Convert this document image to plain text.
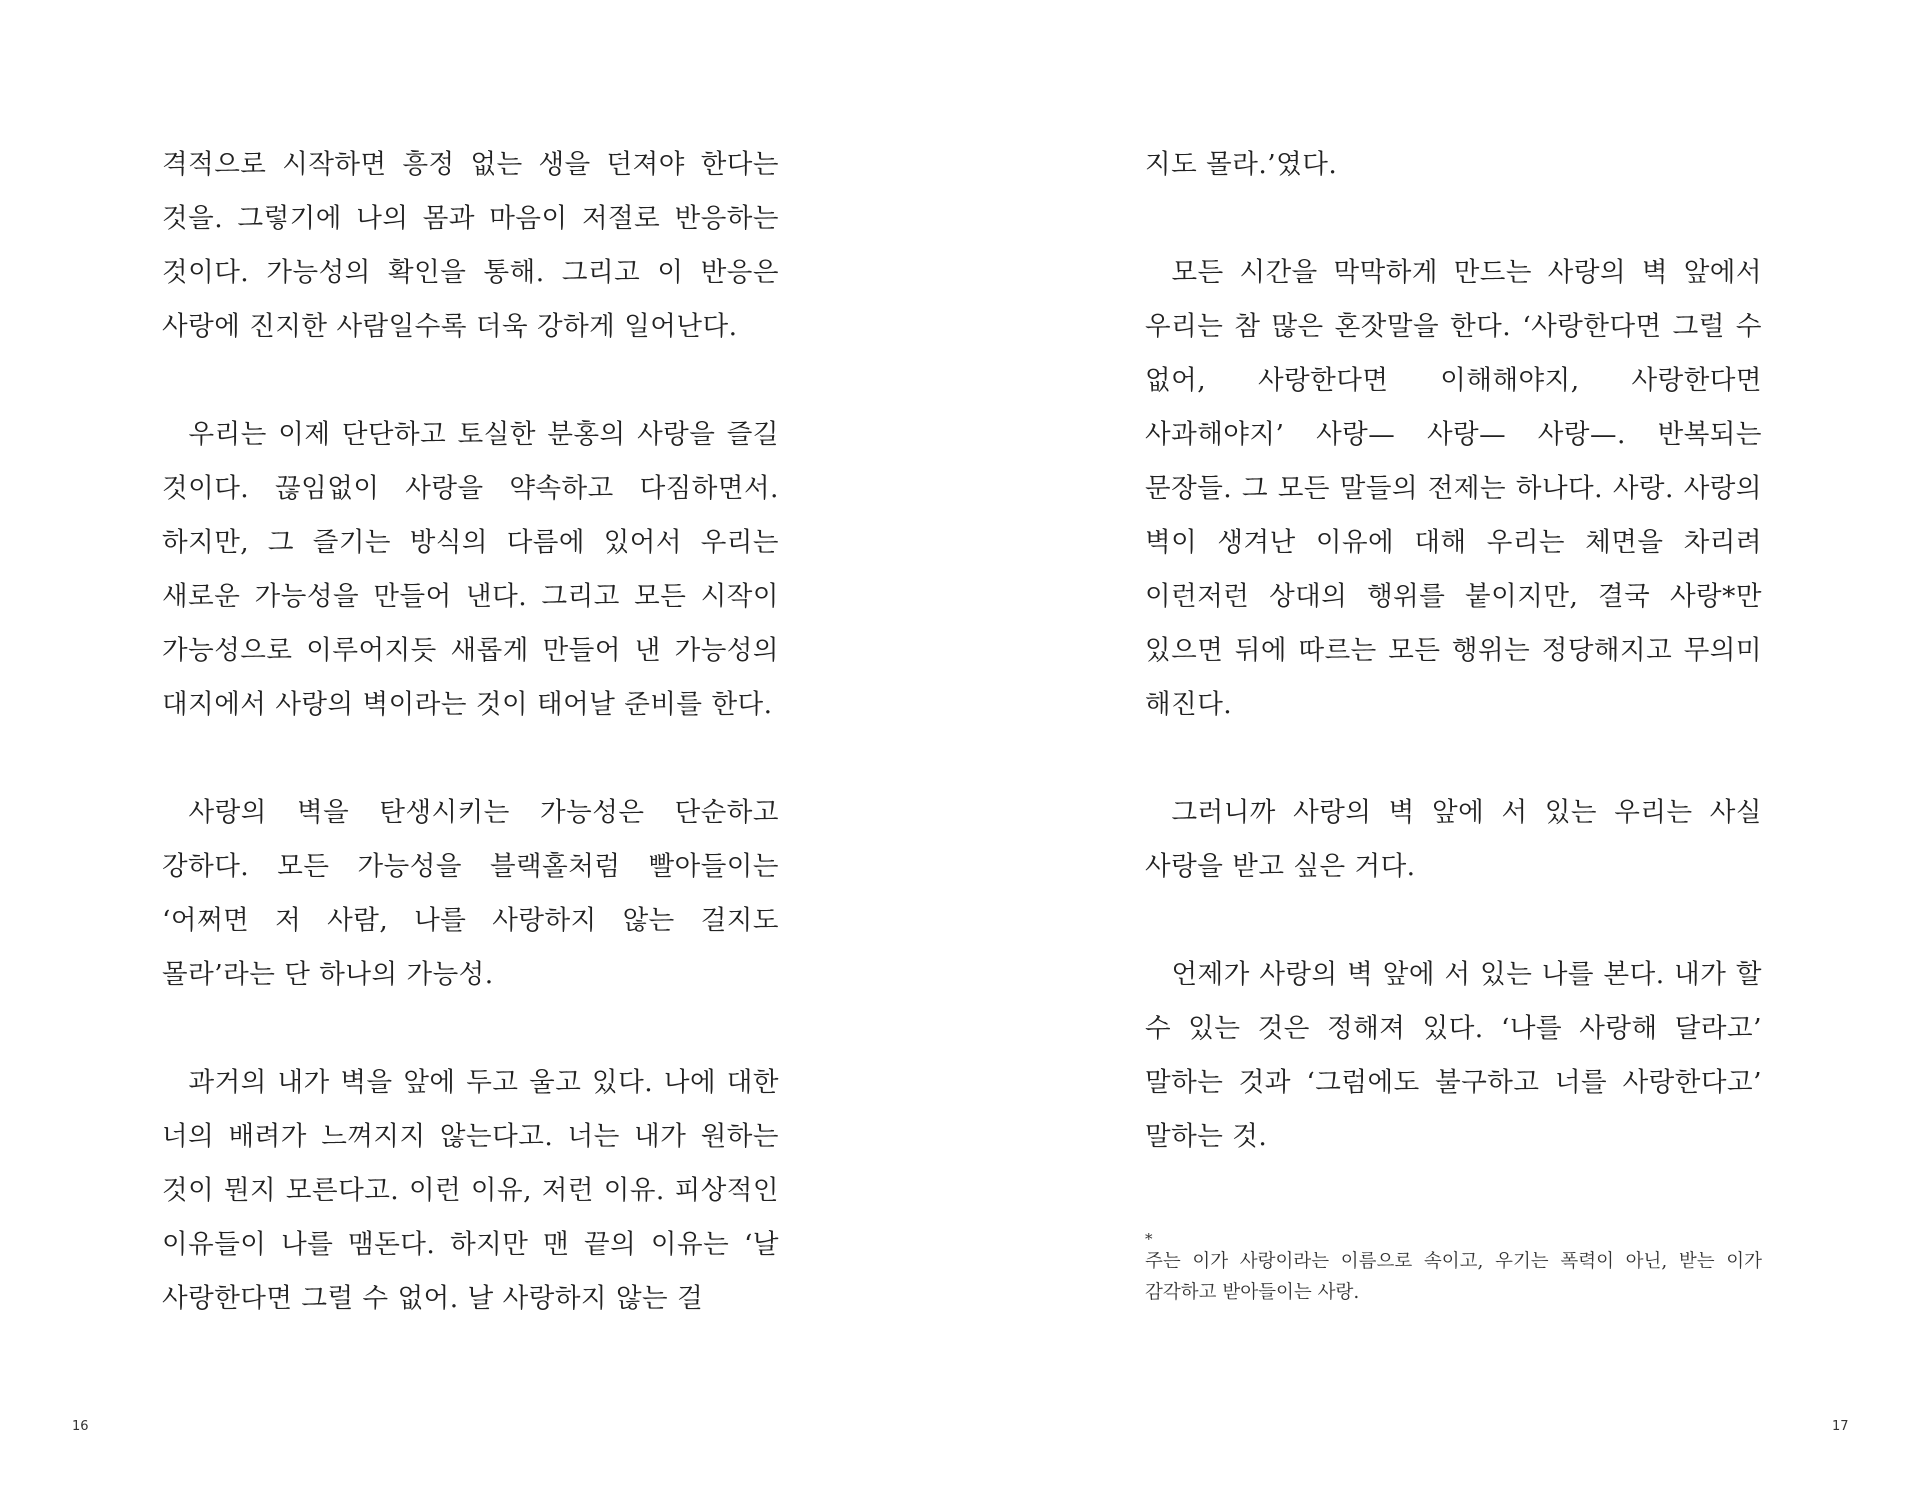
격적으로 시작하면 흥정 없는 생을 던져야 한다는 것을. 그렇기에 나의 몸과 마음이 저절로 반응하는 것이다. 가능성의 확인을 통해. 그리고 이 반응은 사랑에 진지한 사람일수록 더욱 강하게 일어난다.

우리는 이제 단단하고 토실한 분홍의 사랑을 즐길 것이다. 끊임없이 사랑을 약속하고 다짐하면서. 하지만, 그 즐기는 방식의 다름에 있어서 우리는 새로운 가능성을 만들어 낸다. 그리고 모든 시작이 가능성으로 이루어지듯 새롭게 만들어 낸 가능성의 대지에서 사랑의 벽이라는 것이 태어날 준비를 한다.

사랑의 벽을 탄생시키는 가능성은 단순하고 강하다. 모든 가능성을 블랙홀처럼 빨아들이는 ‘어쩌면 저 사람, 나를 사랑하지 않는 걸지도 몰라’라는 단 하나의 가능성.

과거의 내가 벽을 앞에 두고 울고 있다. 나에 대한 너의 배려가 느껴지지 않는다고. 너는 내가 원하는 것이 뭔지 모른다고. 이런 이유, 저런 이유. 피상적인 이유들이 나를 맴돈다. 하지만 맨 끝의 이유는 ‘날 사랑한다면 그럴 수 없어. 날 사랑하지 않는 걸

16

지도 몰라.’였다.

모든 시간을 막막하게 만드는 사랑의 벽 앞에서 우리는 참 많은 혼잣말을 한다. ‘사랑한다면 그럴 수 없어, 사랑한다면 이해해야지, 사랑한다면 사과해야지’ 사랑— 사랑— 사랑—. 반복되는 문장들. 그 모든 말들의 전제는 하나다. 사랑. 사랑의 벽이 생겨난 이유에 대해 우리는 체면을 차리려 이런저런 상대의 행위를 붙이지만, 결국 사랑*만 있으면 뒤에 따르는 모든 행위는 정당해지고 무의미 해진다.

그러니까 사랑의 벽 앞에 서 있는 우리는 사실 사랑을 받고 싶은 거다.

언제가 사랑의 벽 앞에 서 있는 나를 본다. 내가 할 수 있는 것은 정해져 있다. ‘나를 사랑해 달라고’ 말하는 것과 ‘그럼에도 불구하고 너를 사랑한다고’ 말하는 것.

*
주는 이가 사랑이라는 이름으로 속이고, 우기는 폭력이 아닌, 받는 이가 감각하고 받아들이는 사랑.
17
